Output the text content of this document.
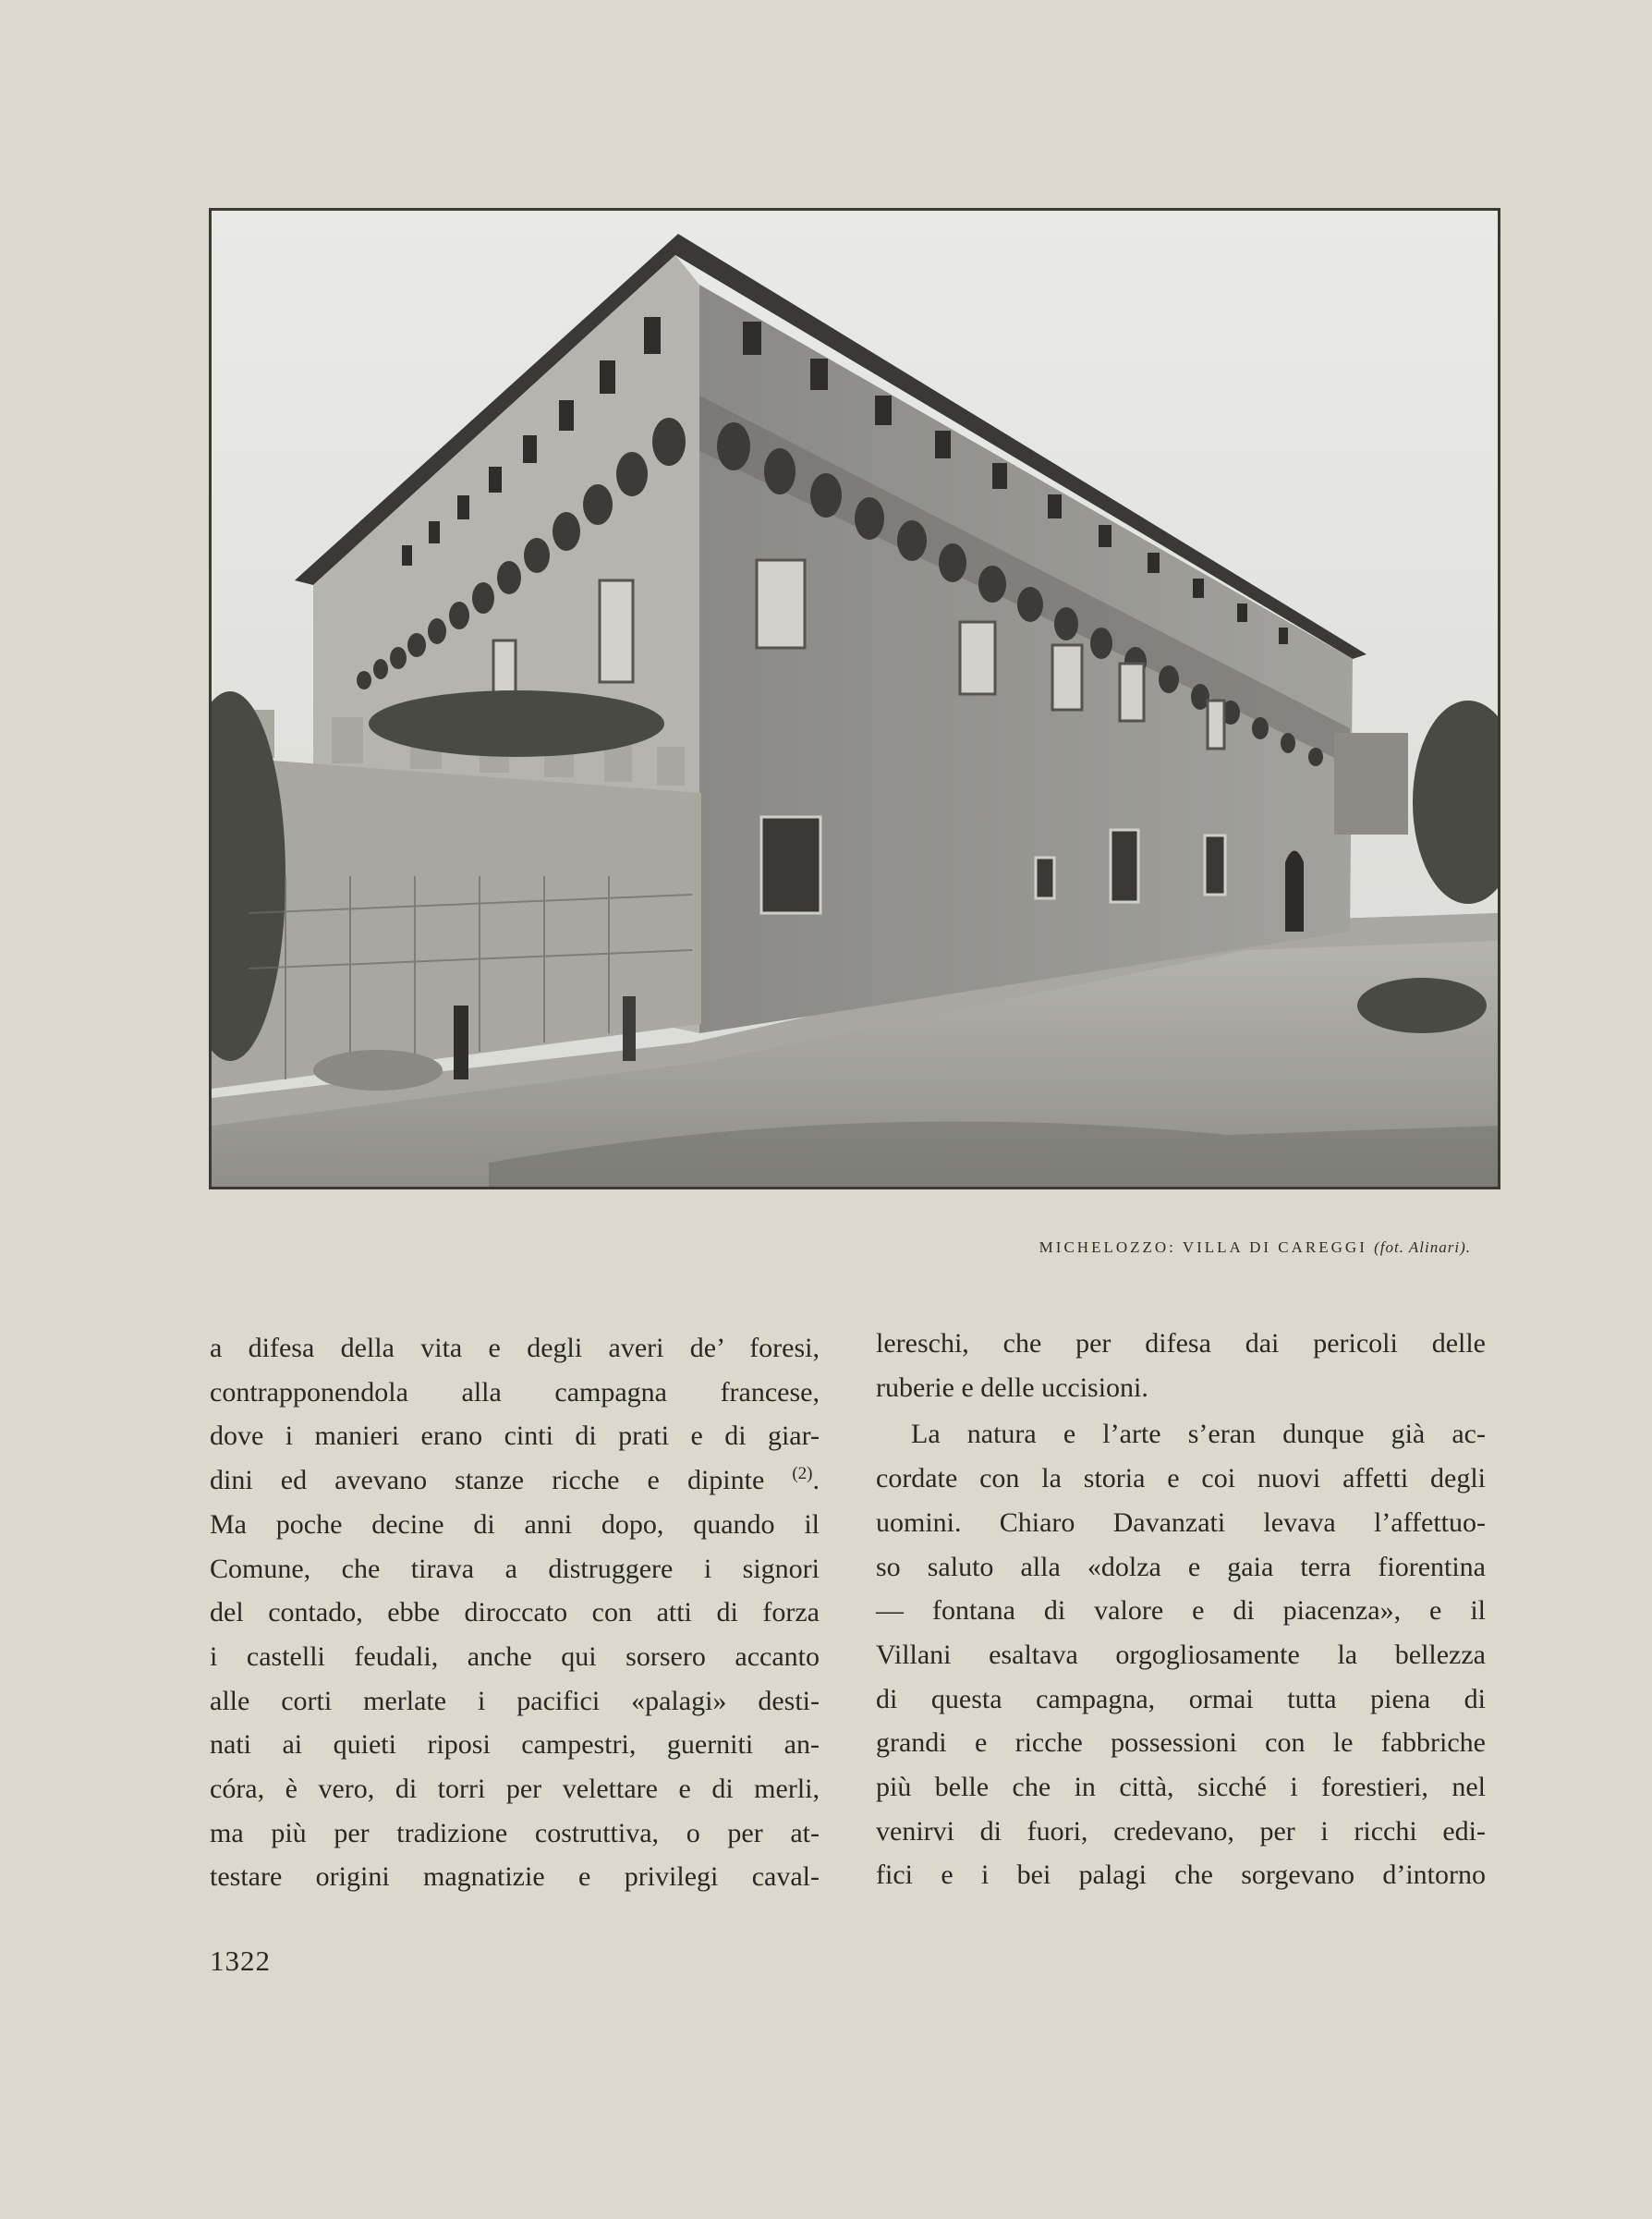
MICHELOZZO: VILLA DI CAREGGI (fot. Alinari).
a difesa della vita e degli averi de’ foresi,
contrapponendola alla campagna francese,
dove i manieri erano cinti di prati e di giar-
dini ed avevano stanze ricche e dipinte $^{(2)}$.
Ma poche decine di anni dopo, quando il
Comune, che tirava a distruggere i signori
del contado, ebbe diroccato con atti di forza
i castelli feudali, anche qui sorsero accanto
alle corti merlate i pacifici «palagi» desti-
nati ai quieti riposi campestri, guerniti an-
córa, è vero, di torri per velettare e di merli,
ma più per tradizione costruttiva, o per at-
testare origini magnatizie e privilegi caval-
lereschi, che per difesa dai pericoli delle
ruberie e delle uccisioni.
La natura e l’arte s’eran dunque già ac-
cordate con la storia e coi nuovi affetti degli
uomini. Chiaro Davanzati levava l’affettuo-
so saluto alla «dolza e gaia terra fiorentina
— fontana di valore e di piacenza», e il
Villani esaltava orgogliosamente la bellezza
di questa campagna, ormai tutta piena di
grandi e ricche possessioni con le fabbriche
più belle che in città, sicché i forestieri, nel
venirvi di fuori, credevano, per i ricchi edi-
fici e i bei palagi che sorgevano d’intorno
1322
